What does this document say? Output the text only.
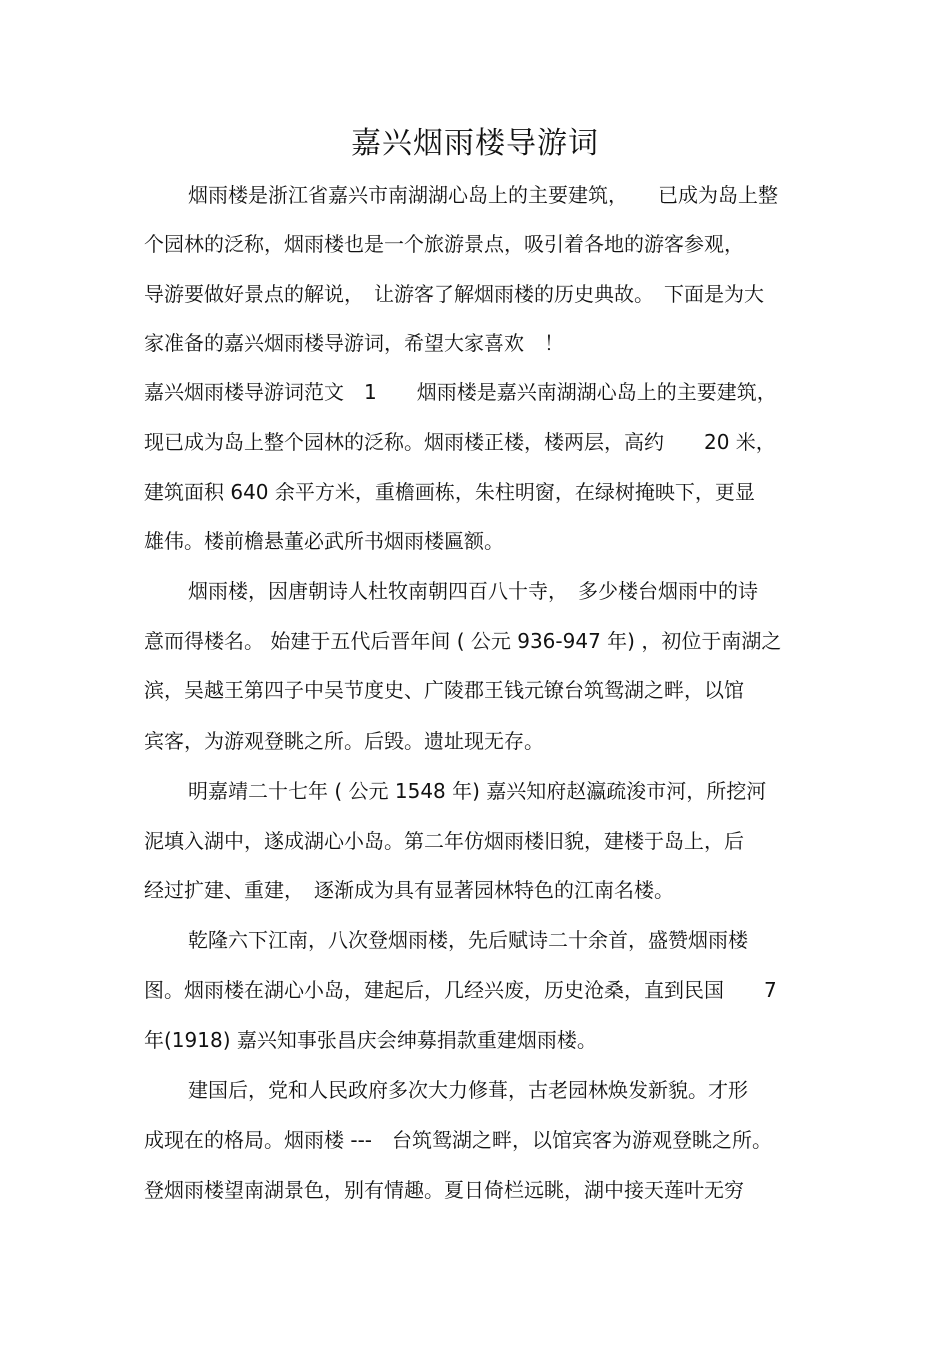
嘉兴烟雨楼导游词
烟雨楼是浙江省嘉兴市南湖湖心岛上的主要建筑，　　已成为岛上整
个园林的泛称，烟雨楼也是一个旅游景点，吸引着各地的游客参观，
导游要做好景点的解说，　让游客了解烟雨楼的历史典故。　下面是为大
家准备的嘉兴烟雨楼导游词，希望大家喜欢　！
嘉兴烟雨楼导游词范文　1　　烟雨楼是嘉兴南湖湖心岛上的主要建筑，
现已成为岛上整个园林的泛称。烟雨楼正楼，楼两层，高约　　20 米，
建筑面积 640 余平方米，重檐画栋，朱柱明窗，在绿树掩映下，更显
雄伟。楼前檐悬董必武所书烟雨楼匾额。
烟雨楼，因唐朝诗人杜牧南朝四百八十寺，　多少楼台烟雨中的诗
意而得楼名。 始建于五代后晋年间 ( 公元 936-947 年) ，初位于南湖之
滨，吴越王第四子中吴节度史、广陵郡王钱元镣台筑鸳湖之畔，以馆
宾客，为游观登眺之所。后毁。遗址现无存。
明嘉靖二十七年 ( 公元 1548 年) 嘉兴知府赵瀛疏浚市河，所挖河
泥填入湖中，遂成湖心小岛。第二年仿烟雨楼旧貌，建楼于岛上，后
经过扩建、重建，　逐渐成为具有显著园林特色的江南名楼。
乾隆六下江南，八次登烟雨楼，先后赋诗二十余首，盛赞烟雨楼
图。烟雨楼在湖心小岛，建起后，几经兴废，历史沧桑，直到民国　　7
年(1918) 嘉兴知事张昌庆会绅募捐款重建烟雨楼。
建国后，党和人民政府多次大力修葺，古老园林焕发新貌。才形
成现在的格局。烟雨楼 ---　台筑鸳湖之畔，以馆宾客为游观登眺之所。
登烟雨楼望南湖景色，别有情趣。夏日倚栏远眺，湖中接天莲叶无穷
